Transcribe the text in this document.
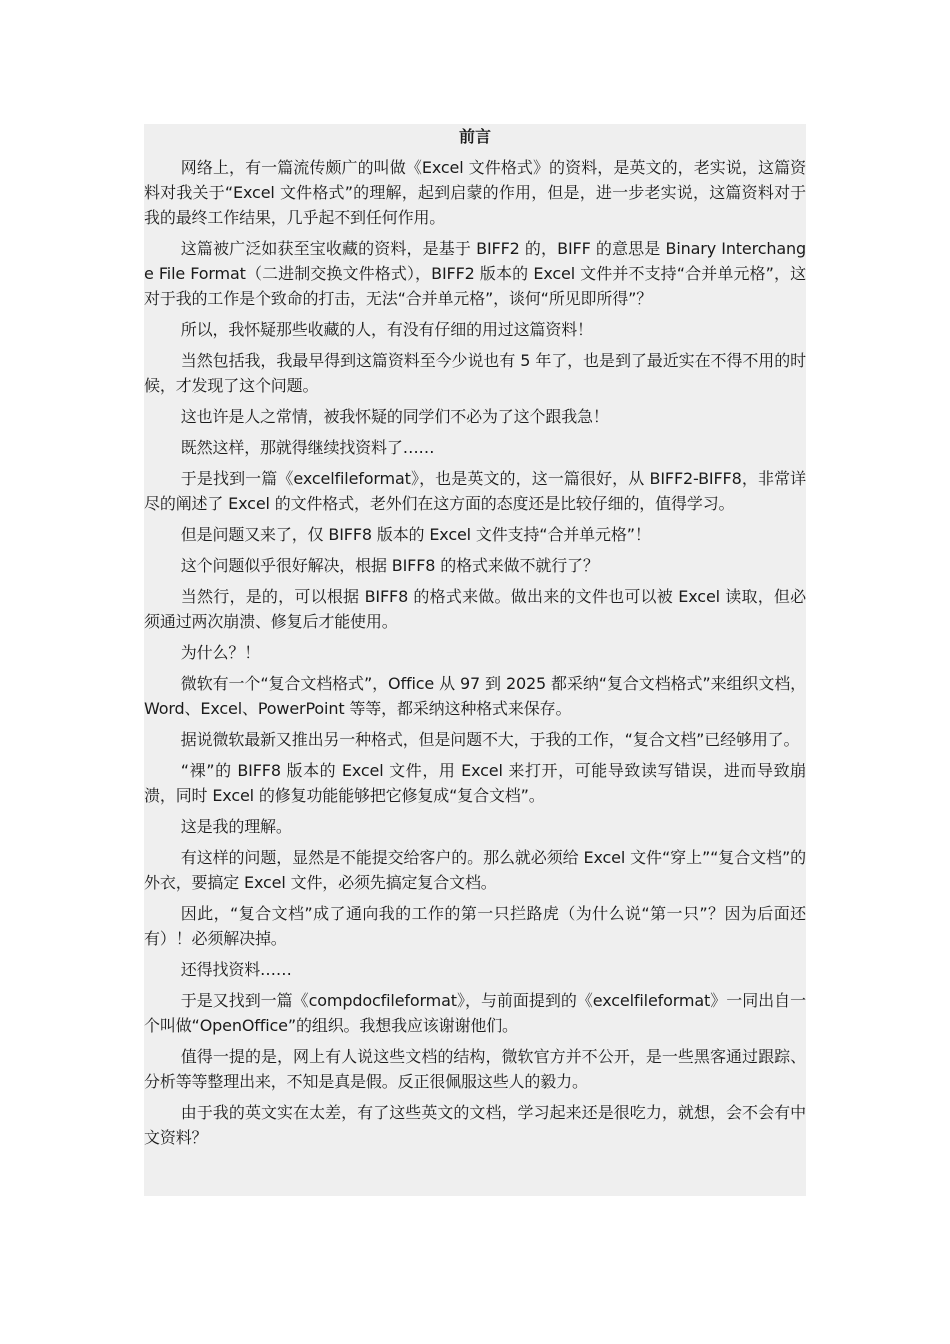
前言

网络上，有一篇流传颇广的叫做《Excel 文件格式》的资料，是英文的，老实说，这篇资料对我关于“Excel 文件格式”的理解，起到启蒙的作用，但是，进一步老实说，这篇资料对于我的最终工作结果，几乎起不到任何作用。

这篇被广泛如获至宝收藏的资料，是基于 BIFF2 的，BIFF 的意思是 Binary Interchange File Format（二进制交换文件格式），BIFF2 版本的 Excel 文件并不支持“合并单元格”，这对于我的工作是个致命的打击，无法“合并单元格”，谈何“所见即所得”？

所以，我怀疑那些收藏的人，有没有仔细的用过这篇资料！

当然包括我，我最早得到这篇资料至今少说也有 5 年了，也是到了最近实在不得不用的时候，才发现了这个问题。

这也许是人之常情，被我怀疑的同学们不必为了这个跟我急！

既然这样，那就得继续找资料了……

于是找到一篇《excelfileformat》，也是英文的，这一篇很好，从 BIFF2-BIFF8，非常详尽的阐述了 Excel 的文件格式，老外们在这方面的态度还是比较仔细的，值得学习。

但是问题又来了，仅 BIFF8 版本的 Excel 文件支持“合并单元格”！

这个问题似乎很好解决，根据 BIFF8 的格式来做不就行了？

当然行，是的，可以根据 BIFF8 的格式来做。做出来的文件也可以被 Excel 读取，但必须通过两次崩溃、修复后才能使用。

为什么？！

微软有一个“复合文档格式”，Office 从 97 到 2025 都采纳“复合文档格式”来组织文档，Word、Excel、PowerPoint 等等，都采纳这种格式来保存。

据说微软最新又推出另一种格式，但是问题不大，于我的工作，“复合文档”已经够用了。

“裸”的 BIFF8 版本的 Excel 文件，用 Excel 来打开，可能导致读写错误，进而导致崩溃，同时 Excel 的修复功能能够把它修复成“复合文档”。

这是我的理解。

有这样的问题，显然是不能提交给客户的。那么就必须给 Excel 文件“穿上”“复合文档”的外衣，要搞定 Excel 文件，必须先搞定复合文档。

因此，“复合文档”成了通向我的工作的第一只拦路虎（为什么说“第一只”？因为后面还有）！必须解决掉。

还得找资料……

于是又找到一篇《compdocfileformat》，与前面提到的《excelfileformat》一同出自一个叫做“OpenOffice”的组织。我想我应该谢谢他们。

值得一提的是，网上有人说这些文档的结构，微软官方并不公开，是一些黑客通过跟踪、分析等等整理出来，不知是真是假。反正很佩服这些人的毅力。

由于我的英文实在太差，有了这些英文的文档，学习起来还是很吃力，就想，会不会有中文资料？
